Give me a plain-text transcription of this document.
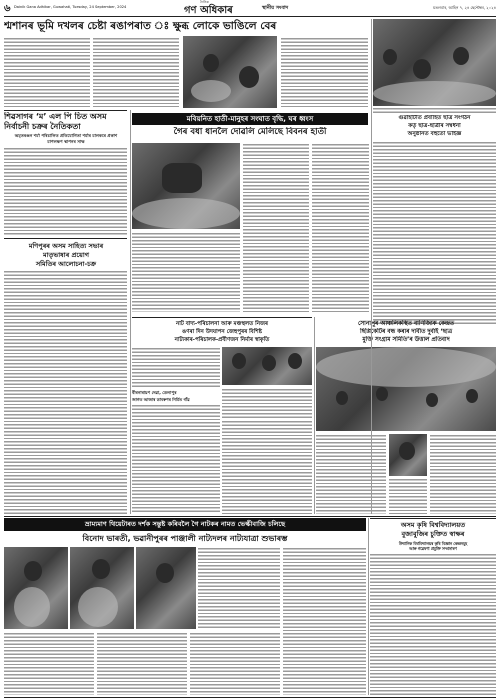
৬ Dainik Gana Adhikar, Guwahati, Tuesday, 24 September, 2024
দৈনিক
গণ অধিকাৰ	স্থানীয় সংবাদ	মঙলবাৰ, আহিন ৭, ২৪ ছেপ্টেম্বৰ, ২০২৪
শ্মশানৰ ভূমি দখলৰ চেষ্টা ৰঙাপৰাত ঃ ক্ষুব্ধ লোকে ভাঙিলে বেৰ
শিৱসাগৰ ‘ম’ এল পি চিত অসম নিৰ্বাচনী চক্ৰৰ নৈতিকতা
অমৃতৰঞ্জন শৰ্মা পৰিচালিত প্ৰতিযোগিতা শৰ্মাৰ চালকৰে প্ৰকাশ
চাপলক্ষণ স্থাপনৰ সাক্ষ
মণিপুৰৰ অসম সাহিত্য সভাৰ
মাতৃভাষাৰ প্ৰয়োগ
সমিতিৰ আলোচনা-চক্ৰ
মবিয়নিত হাতী-মানুহৰ সংঘাত বৃদ্ধি, ঘৰ ধ্বংস
গৈৰ বধা ধানলৈ দোৱলি মেলিছে বিবনৰ হাতী
গুৱাহাটীত প্ৰবাহিত ছাত্ৰ সংগঠন
কৰ্তৃ ছাত্ৰ-ছাত্ৰীৰ সম্বৰ্ধনা
অনুষ্ঠানত বহুতো ভাইজ্ঞ
নাট বাদ্য-পৰিচালনা আৰু মঞ্চস্থলত নিজৰ
ঙণৰা দিন উদযাপন জেহুপুৰৰ বিশিষ্ট
নাট্যকাৰ-পৰিচালক-প্ৰবীণজন নিৰ্মাৰ স্বাকৃতি
বীৰনাৰায়ণ দেৱা, ডেলাপুৰ
জাগত আজাৰ ডাবৰুণৰ নিৰ্মিত গাঁৱ
সোনাপুৰ আঞ্চলিকস্থিত বাণিজ্যিক কেন্দ্ৰত
ছিপ্লিকেটিৰ বন্ধ কৰাৰ দাবীত দুৰ্বাই ‘ছাত্ৰ
মুক্তি সংগ্ৰাম সমিতি’ৰ উত্তাল প্ৰতিবাদ
ভ্ৰাম্যমাণ থিয়েটাৰত দৰ্শক সন্তুষ্ট কৰিবলৈ গৈ নাটকৰ নামত ভেল্কীবাজি চলিছে
বিনোদ ভাৰতী, ভৱানীপুৰৰ পাঞ্জালী নাট্যদলৰ নাট্যযাত্ৰা শুভাৰম্ভ
অসম কৃষি বিশ্ববিদ্যালয়ত
বুজাবুজিৰ চুক্তিত স্বাক্ষৰ
উদ্যানিক বিশ্ববিদ্যালয়ৰ কৃষি বিজ্ঞান কেন্দ্ৰসমূহ
আৰু গৱেষণা প্ৰযুক্তি সম্প্ৰসাৰণ
